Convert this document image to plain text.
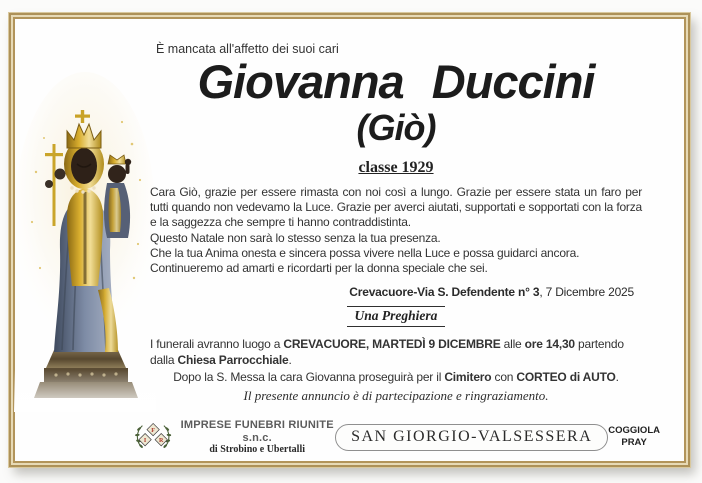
È mancata all'affetto dei suoi cari
Giovanna Duccini
(Giò)
classe 1929
Cara Giò, grazie per essere rimasta con noi così a lungo. Grazie per essere stata un faro per tutti quando non vedevamo la Luce. Grazie per averci aiutati, supportati e sopportati con la forza e la saggezza che sempre ti hanno contraddistinta.
Questo Natale non sarà lo stesso senza la tua presenza.
Che la tua Anima onesta e sincera possa vivere nella Luce e possa guidarci ancora.
Continueremo ad amarti e ricordarti per la donna speciale che sei.
Crevacuore-Via S. Defendente n° 3, 7 Dicembre 2025
Una Preghiera
I funerali avranno luogo a CREVACUORE, MARTEDÌ 9 DICEMBRE alle ore 14,30 partendo dalla Chiesa Parrocchiale.
Dopo la S. Messa la cara Giovanna proseguirà per il Cimitero con CORTEO di AUTO.
Il presente annuncio è di partecipazione e ringraziamento.
F
I R
IMPRESE FUNEBRI RIUNITE s.n.c.
di Strobino e Ubertalli
SAN GIORGIO-VALSESSERA	COGGIOLA
PRAY
